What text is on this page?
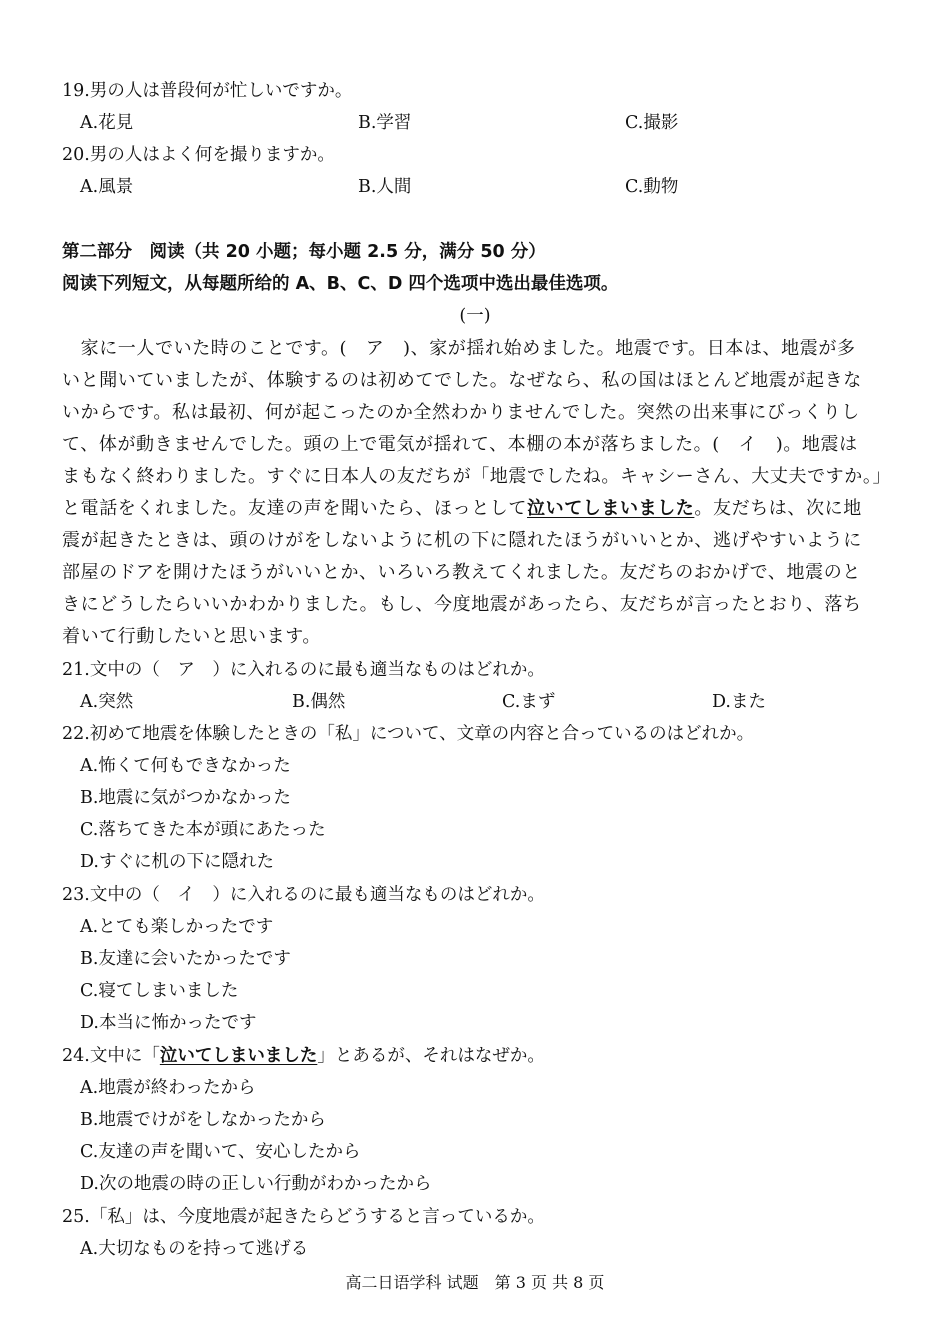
19.男の人は普段何が忙しいですか。
A.花見	B.学習	C.撮影
20.男の人はよく何を撮りますか。
A.風景	B.人間	C.動物
第二部分　阅读（共 20 小题；每小题 2.5 分，满分 50 分）
阅读下列短文，从每题所给的 A、B、C、D 四个选项中选出最佳选项。
(一)
　家に一人でいた時のことです。(　ア　)、家が揺れ始めました。地震です。日本は、地震が多
いと聞いていましたが、体験するのは初めてでした。なぜなら、私の国はほとんど地震が起きな
いからです。私は最初、何が起こったのか全然わかりませんでした。突然の出来事にびっくりし
て、体が動きませんでした。頭の上で電気が揺れて、本棚の本が落ちました。(　イ　)。地震は
まもなく終わりました。すぐに日本人の友だちが「地震でしたね。キャシーさん、大丈夫ですか。」
と電話をくれました。友達の声を聞いたら、ほっとして泣いてしまいました。友だちは、次に地
震が起きたときは、頭のけがをしないように机の下に隠れたほうがいいとか、逃げやすいように
部屋のドアを開けたほうがいいとか、いろいろ教えてくれました。友だちのおかげで、地震のと
きにどうしたらいいかわかりました。もし、今度地震があったら、友だちが言ったとおり、落ち
着いて行動したいと思います。
21.文中の（　ア　）に入れるのに最も適当なものはどれか。
A.突然	B.偶然	C.まず	D.また
22.初めて地震を体験したときの「私」について、文章の内容と合っているのはどれか。
A.怖くて何もできなかった
B.地震に気がつかなかった
C.落ちてきた本が頭にあたった
D.すぐに机の下に隠れた
23.文中の（　イ　）に入れるのに最も適当なものはどれか。
A.とても楽しかったです
B.友達に会いたかったです
C.寝てしまいました
D.本当に怖かったです
24.文中に「泣いてしまいました」とあるが、それはなぜか。
A.地震が終わったから
B.地震でけがをしなかったから
C.友達の声を聞いて、安心したから
D.次の地震の時の正しい行動がわかったから
25.「私」は、今度地震が起きたらどうすると言っているか。
A.大切なものを持って逃げる
高二日语学科 试题　第 3 页 共 8 页
